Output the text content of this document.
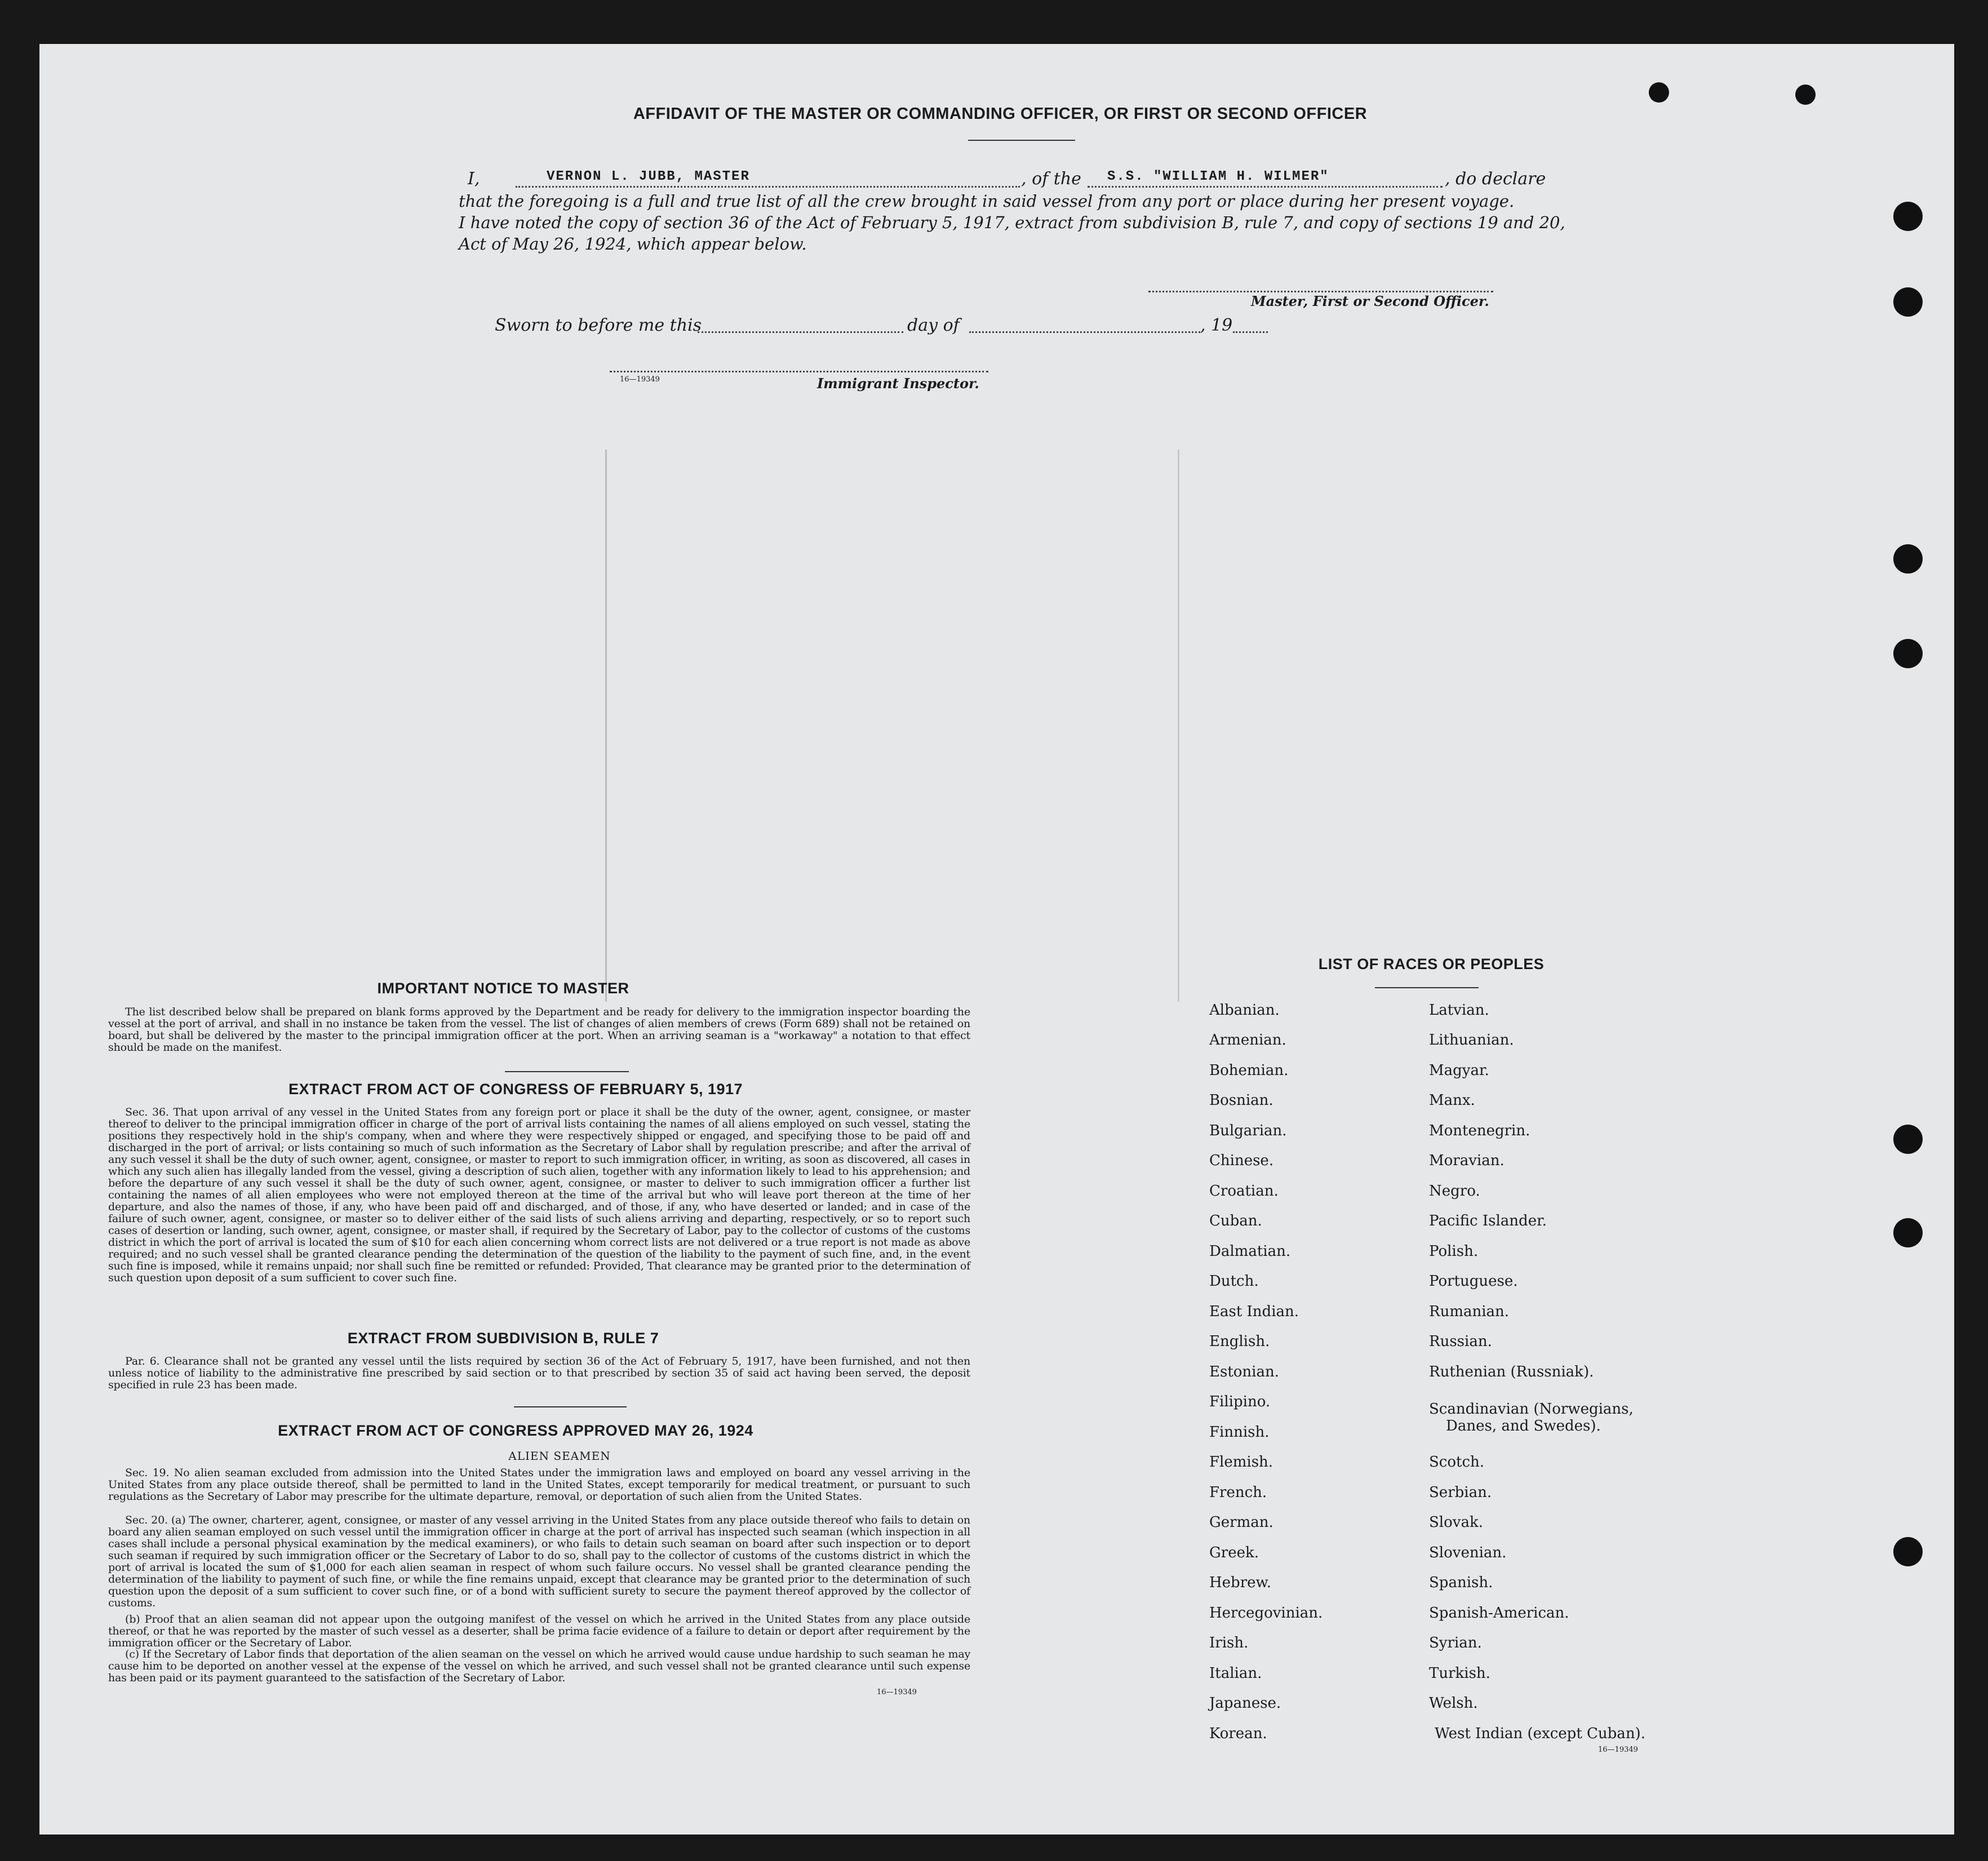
AFFIDAVIT OF THE MASTER OR COMMANDING OFFICER, OR FIRST OR SECOND OFFICER
I,	VERNON L. JUBB, MASTER	, of the S.S. "WILLIAM H. WILMER"	, do declare
that the foregoing is a full and true list of all the crew brought in said vessel from any port or place during her present voyage.
I have noted the copy of section 36 of the Act of February 5, 1917, extract from subdivision B, rule 7, and copy of sections 19 and 20,
Act of May 26, 1924, which appear below.
Master, First or Second Officer.
Sworn to before me this	day of	, 19
16—19349	Immigrant Inspector.
IMPORTANT NOTICE TO MASTER
The list described below shall be prepared on blank forms approved by the Department and be ready for delivery to the immigration inspector boarding the vessel at the port of arrival, and shall in no instance be taken from the vessel. The list of changes of alien members of crews (Form 689) shall not be retained on board, but shall be delivered by the master to the principal immigration officer at the port. When an arriving seaman is a "workaway" a notation to that effect should be made on the manifest.
EXTRACT FROM ACT OF CONGRESS OF FEBRUARY 5, 1917
Sec. 36. That upon arrival of any vessel in the United States from any foreign port or place it shall be the duty of the owner, agent, consignee, or master thereof to deliver to the principal immigration officer in charge of the port of arrival lists containing the names of all aliens employed on such vessel, stating the positions they respectively hold in the ship's company, when and where they were respectively shipped or engaged, and specifying those to be paid off and discharged in the port of arrival; or lists containing so much of such information as the Secretary of Labor shall by regulation prescribe; and after the arrival of any such vessel it shall be the duty of such owner, agent, consignee, or master to report to such immigration officer, in writing, as soon as discovered, all cases in which any such alien has illegally landed from the vessel, giving a description of such alien, together with any information likely to lead to his apprehension; and before the departure of any such vessel it shall be the duty of such owner, agent, consignee, or master to deliver to such immigration officer a further list containing the names of all alien employees who were not employed thereon at the time of the arrival but who will leave port thereon at the time of her departure, and also the names of those, if any, who have been paid off and discharged, and of those, if any, who have deserted or landed; and in case of the failure of such owner, agent, consignee, or master so to deliver either of the said lists of such aliens arriving and departing, respectively, or so to report such cases of desertion or landing, such owner, agent, consignee, or master shall, if required by the Secretary of Labor, pay to the collector of customs of the customs district in which the port of arrival is located the sum of $10 for each alien concerning whom correct lists are not delivered or a true report is not made as above required; and no such vessel shall be granted clearance pending the determination of the question of the liability to the payment of such fine, and, in the event such fine is imposed, while it remains unpaid; nor shall such fine be remitted or refunded: Provided, That clearance may be granted prior to the determination of such question upon deposit of a sum sufficient to cover such fine.
EXTRACT FROM SUBDIVISION B, RULE 7
Par. 6. Clearance shall not be granted any vessel until the lists required by section 36 of the Act of February 5, 1917, have been furnished, and not then unless notice of liability to the administrative fine prescribed by said section or to that prescribed by section 35 of said act having been served, the deposit specified in rule 23 has been made.
EXTRACT FROM ACT OF CONGRESS APPROVED MAY 26, 1924
ALIEN SEAMEN
Sec. 19. No alien seaman excluded from admission into the United States under the immigration laws and employed on board any vessel arriving in the United States from any place outside thereof, shall be permitted to land in the United States, except temporarily for medical treatment, or pursuant to such regulations as the Secretary of Labor may prescribe for the ultimate departure, removal, or deportation of such alien from the United States.
Sec. 20. (a) The owner, charterer, agent, consignee, or master of any vessel arriving in the United States from any place outside thereof who fails to detain on board any alien seaman employed on such vessel until the immigration officer in charge at the port of arrival has inspected such seaman (which inspection in all cases shall include a personal physical examination by the medical examiners), or who fails to detain such seaman on board after such inspection or to deport such seaman if required by such immigration officer or the Secretary of Labor to do so, shall pay to the collector of customs of the customs district in which the port of arrival is located the sum of $1,000 for each alien seaman in respect of whom such failure occurs. No vessel shall be granted clearance pending the determination of the liability to payment of such fine, or while the fine remains unpaid, except that clearance may be granted prior to the determination of such question upon the deposit of a sum sufficient to cover such fine, or of a bond with sufficient surety to secure the payment thereof approved by the collector of customs.
(b) Proof that an alien seaman did not appear upon the outgoing manifest of the vessel on which he arrived in the United States from any place outside thereof, or that he was reported by the master of such vessel as a deserter, shall be prima facie evidence of a failure to detain or deport after requirement by the immigration officer or the Secretary of Labor.
(c) If the Secretary of Labor finds that deportation of the alien seaman on the vessel on which he arrived would cause undue hardship to such seaman he may cause him to be deported on another vessel at the expense of the vessel on which he arrived, and such vessel shall not be granted clearance until such expense has been paid or its payment guaranteed to the satisfaction of the Secretary of Labor.
16—19349
LIST OF RACES OR PEOPLES
Albanian.
Armenian.
Bohemian.
Bosnian.
Bulgarian.
Chinese.
Croatian.
Cuban.
Dalmatian.
Dutch.
East Indian.
English.
Estonian.
Filipino.
Finnish.
Flemish.
French.
German.
Greek.
Hebrew.
Hercegovinian.
Irish.
Italian.
Japanese.
Korean.
Latvian.
Lithuanian.
Magyar.
Manx.
Montenegrin.
Moravian.
Negro.
Pacific Islander.
Polish.
Portuguese.
Rumanian.
Russian.
Ruthenian (Russniak).
Scandinavian (Norwegians,
Danes, and Swedes).
Scotch.
Serbian.
Slovak.
Slovenian.
Spanish.
Spanish-American.
Syrian.
Turkish.
Welsh.
West Indian (except Cuban).
16—19349
